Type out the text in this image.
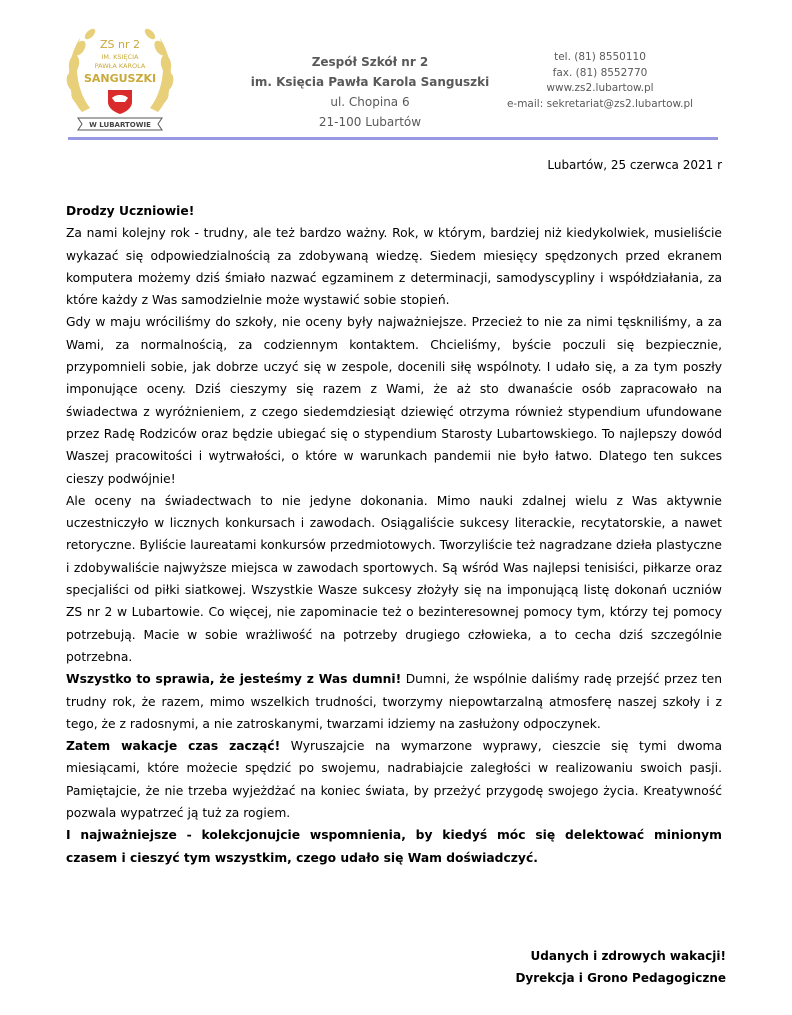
ZS nr 2
IM. KSIĘCIA
PAWŁA KAROLA
SANGUSZKI
W LUBARTOWIE
Zespół Szkół nr 2
im. Księcia Pawła Karola Sanguszki
ul. Chopina 6
21-100 Lubartów
tel. (81) 8550110
fax. (81) 8552770
www.zs2.lubartow.pl
e-mail: sekretariat@zs2.lubartow.pl
Lubartów, 25 czerwca 2021 r

Drodzy Uczniowie!

Za nami kolejny rok - trudny, ale też bardzo ważny. Rok, w którym, bardziej niż kiedykolwiek, musieliście wykazać się odpowiedzialnością za zdobywaną wiedzę. Siedem miesięcy spędzonych przed ekranem komputera możemy dziś śmiało nazwać egzaminem z determinacji, samodyscypliny i współdziałania, za które każdy z Was samodzielnie może wystawić sobie stopień.

Gdy w maju wróciliśmy do szkoły, nie oceny były najważniejsze. Przecież to nie za nimi tęskniliśmy, a za Wami, za normalnością, za codziennym kontaktem. Chcieliśmy, byście poczuli się bezpiecznie, przypomnieli sobie, jak dobrze uczyć się w zespole, docenili siłę wspólnoty. I udało się, a za tym poszły imponujące oceny. Dziś cieszymy się razem z Wami, że aż sto dwanaście osób zapracowało na świadectwa z wyróżnieniem, z czego siedemdziesiąt dziewięć otrzyma również stypendium ufundowane przez Radę Rodziców oraz będzie ubiegać się o stypendium Starosty Lubartowskiego. To najlepszy dowód Waszej pracowitości i wytrwałości, o które w warunkach pandemii nie było łatwo. Dlatego ten sukces cieszy podwójnie!

Ale oceny na świadectwach to nie jedyne dokonania. Mimo nauki zdalnej wielu z Was aktywnie uczestniczyło w licznych konkursach i zawodach. Osiągaliście sukcesy literackie, recytatorskie, a nawet retoryczne. Byliście laureatami konkursów przedmiotowych. Tworzyliście też nagradzane dzieła plastyczne i zdobywaliście najwyższe miejsca w zawodach sportowych. Są wśród Was najlepsi tenisiści, piłkarze oraz specjaliści od piłki siatkowej. Wszystkie Wasze sukcesy złożyły się na imponującą listę dokonań uczniów ZS nr 2 w Lubartowie. Co więcej, nie zapominacie też o bezinteresownej pomocy tym, którzy tej pomocy potrzebują. Macie w sobie wrażliwość na potrzeby drugiego człowieka, a to cecha dziś szczególnie potrzebna.

Wszystko to sprawia, że jesteśmy z Was dumni! Dumni, że wspólnie daliśmy radę przejść przez ten trudny rok, że razem, mimo wszelkich trudności, tworzymy niepowtarzalną atmosferę naszej szkoły i z tego, że z radosnymi, a nie zatroskanymi, twarzami idziemy na zasłużony odpoczynek.

Zatem wakacje czas zacząć! Wyruszajcie na wymarzone wyprawy, cieszcie się tymi dwoma miesiącami, które możecie spędzić po swojemu, nadrabiajcie zaległości w realizowaniu swoich pasji. Pamiętajcie, że nie trzeba wyjeżdżać na koniec świata, by przeżyć przygodę swojego życia. Kreatywność pozwala wypatrzeć ją tuż za rogiem.

I najważniejsze - kolekcjonujcie wspomnienia, by kiedyś móc się delektować minionym czasem i cieszyć tym wszystkim, czego udało się Wam doświadczyć.

Udanych i zdrowych wakacji!
Dyrekcja i Grono Pedagogiczne
